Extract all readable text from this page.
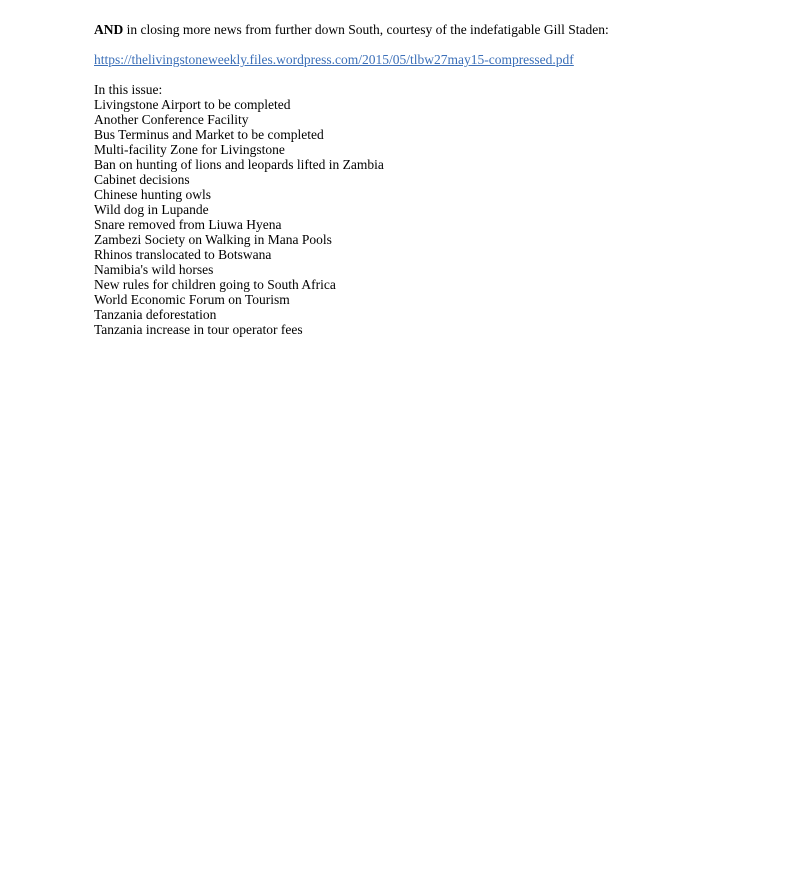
AND in closing more news from further down South, courtesy of the indefatigable Gill Staden:

https://thelivingstoneweekly.files.wordpress.com/2015/05/tlbw27may15-compressed.pdf

In this issue:

Livingstone Airport to be completed
Another Conference Facility
Bus Terminus and Market to be completed
Multi-facility Zone for Livingstone
Ban on hunting of lions and leopards lifted in Zambia
Cabinet decisions
Chinese hunting owls
Wild dog in Lupande
Snare removed from Liuwa Hyena
Zambezi Society on Walking in Mana Pools
Rhinos translocated to Botswana
Namibia's wild horses
New rules for children going to South Africa
World Economic Forum on Tourism
Tanzania deforestation
Tanzania increase in tour operator fees
